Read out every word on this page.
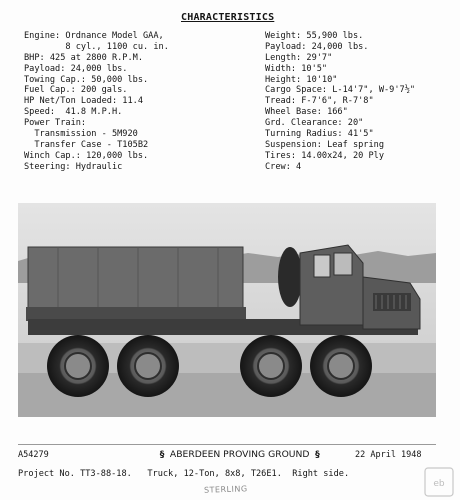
CHARACTERISTICS
Engine: Ordnance Model GAA,
8 cyl., 1100 cu. in.
BHP: 425 at 2800 R.P.M.
Payload: 24,000 lbs.
Towing Cap.: 50,000 lbs.
Fuel Cap.: 200 gals.
HP Net/Ton Loaded: 11.4
Speed:  41.8 M.P.H.
Power Train:
Transmission - 5M920
Transfer Case - T105B2
Winch Cap.: 120,000 lbs.
Steering: Hydraulic
Weight: 55,900 lbs.
Payload: 24,000 lbs.
Length: 29'7"
Width: 10'5"
Height: 10'10"
Cargo Space: L-14'7", W-9'7½"
Tread: F-7'6", R-7'8"
Wheel Base: 166"
Grd. Clearance: 20"
Turning Radius: 41'5"
Suspension: Leaf spring
Tires: 14.00x24, 20 Ply
Crew: 4
A54279	§ ABERDEEN PROVING GROUND §	22 April 1948
Project No. TT3-88-18.   Truck, 12-Ton, 8x8, T26E1.  Right side.
STERLING
eb
